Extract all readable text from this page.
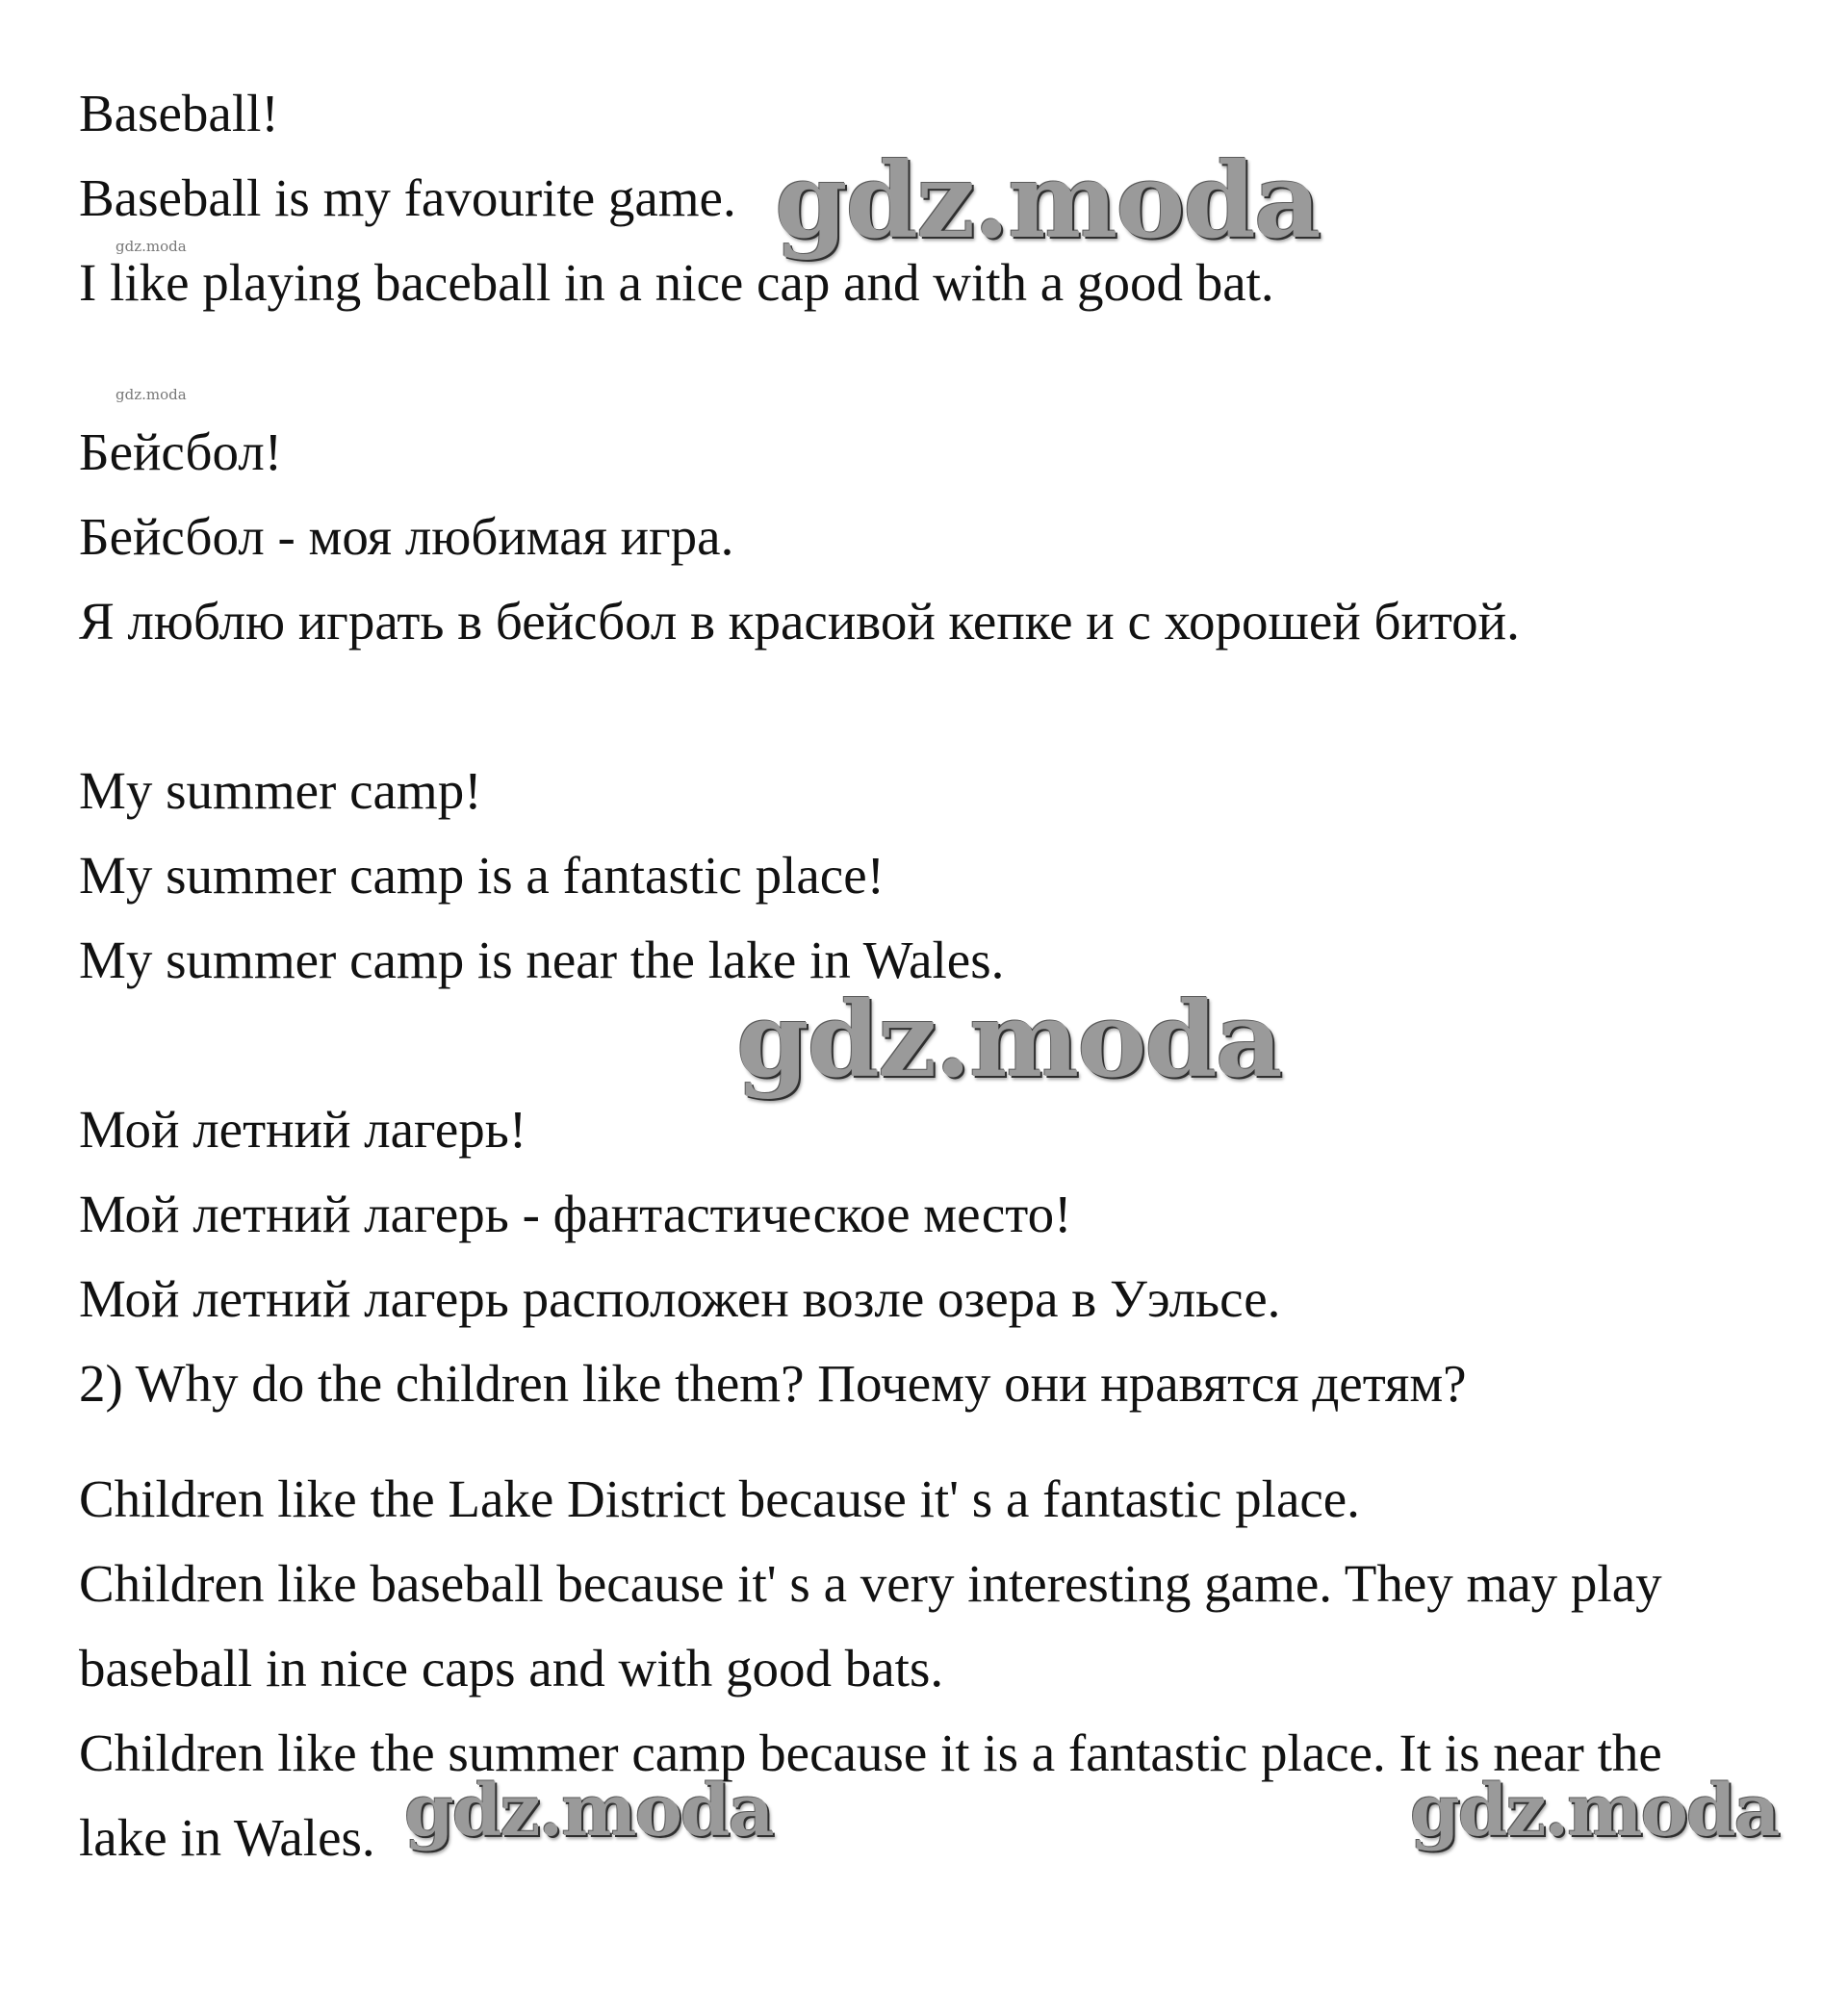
Baseball!
Baseball is my favourite game.
gdz.moda
I like playing baceball in a nice cap and with a good bat.
gdz.moda
Бейсбол!
Бейсбол - моя любимая игра.
Я люблю играть в бейсбол в красивой кепке и с хорошей битой.
My summer camp!
My summer camp is a fantastic place!
My summer camp is near the lake in Wales.
Мой летний лагерь!
Мой летний лагерь - фантастическое место!
Мой летний лагерь расположен возле озера в Уэльсе.
2) Why do the children like them? Почему они нравятся детям?
Children like the Lake District because it' s a fantastic place.
Children like baseball because it' s a very interesting game. They may play
baseball in nice caps and with good bats.
Children like the summer camp because it is a fantastic place. It is near the
lake in Wales.
gdz.moda
gdz.moda
gdz.moda	gdz.moda
